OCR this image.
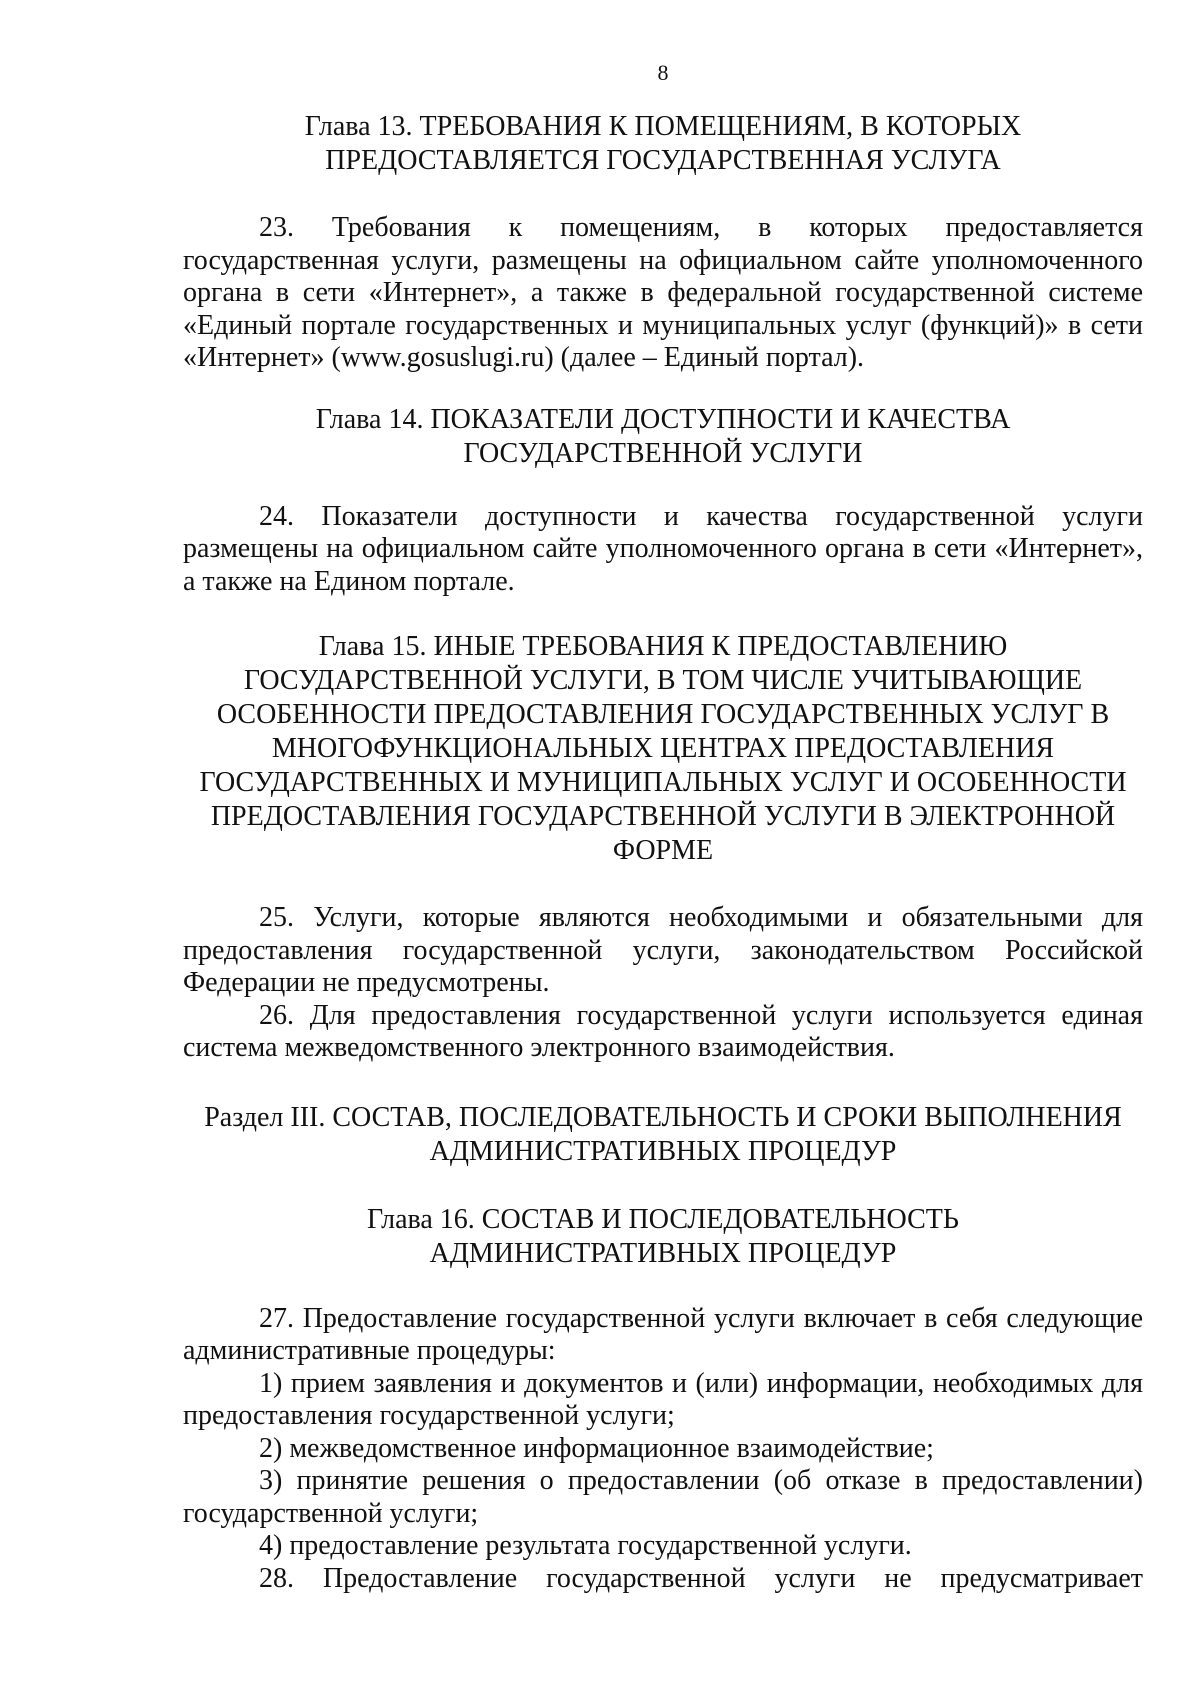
8
Глава 13. ТРЕБОВАНИЯ К ПОМЕЩЕНИЯМ, В КОТОРЫХ
ПРЕДОСТАВЛЯЕТСЯ ГОСУДАРСТВЕННАЯ УСЛУГА

23. Требования к помещениям, в которых предоставляется государственная услуги, размещены на официальном сайте уполномоченного органа в сети «Интернет», а также в федеральной государственной системе «Единый портале государственных и муниципальных услуг (функций)» в сети «Интернет» (www.gosuslugi.ru) (далее – Единый портал).

Глава 14. ПОКАЗАТЕЛИ ДОСТУПНОСТИ И КАЧЕСТВА
ГОСУДАРСТВЕННОЙ УСЛУГИ

24. Показатели доступности и качества государственной услуги размещены на официальном сайте уполномоченного органа в сети «Интернет», а также на Едином портале.

Глава 15. ИНЫЕ ТРЕБОВАНИЯ К ПРЕДОСТАВЛЕНИЮ
ГОСУДАРСТВЕННОЙ УСЛУГИ, В ТОМ ЧИСЛЕ УЧИТЫВАЮЩИЕ
ОСОБЕННОСТИ ПРЕДОСТАВЛЕНИЯ ГОСУДАРСТВЕННЫХ УСЛУГ В
МНОГОФУНКЦИОНАЛЬНЫХ ЦЕНТРАХ ПРЕДОСТАВЛЕНИЯ
ГОСУДАРСТВЕННЫХ И МУНИЦИПАЛЬНЫХ УСЛУГ И ОСОБЕННОСТИ
ПРЕДОСТАВЛЕНИЯ ГОСУДАРСТВЕННОЙ УСЛУГИ В ЭЛЕКТРОННОЙ
ФОРМЕ

25. Услуги, которые являются необходимыми и обязательными для предоставления государственной услуги, законодательством Российской Федерации не предусмотрены.

26. Для предоставления государственной услуги используется единая система межведомственного электронного взаимодействия.

Раздел III. СОСТАВ, ПОСЛЕДОВАТЕЛЬНОСТЬ И СРОКИ ВЫПОЛНЕНИЯ
АДМИНИСТРАТИВНЫХ ПРОЦЕДУР
Глава 16. СОСТАВ И ПОСЛЕДОВАТЕЛЬНОСТЬ
АДМИНИСТРАТИВНЫХ ПРОЦЕДУР

27. Предоставление государственной услуги включает в себя следующие административные процедуры:

1) прием заявления и документов и (или) информации, необходимых для предоставления государственной услуги;

2) межведомственное информационное взаимодействие;

3) принятие решения о предоставлении (об отказе в предоставлении) государственной услуги;

4) предоставление результата государственной услуги.

28. Предоставление государственной услуги не предусматривает
